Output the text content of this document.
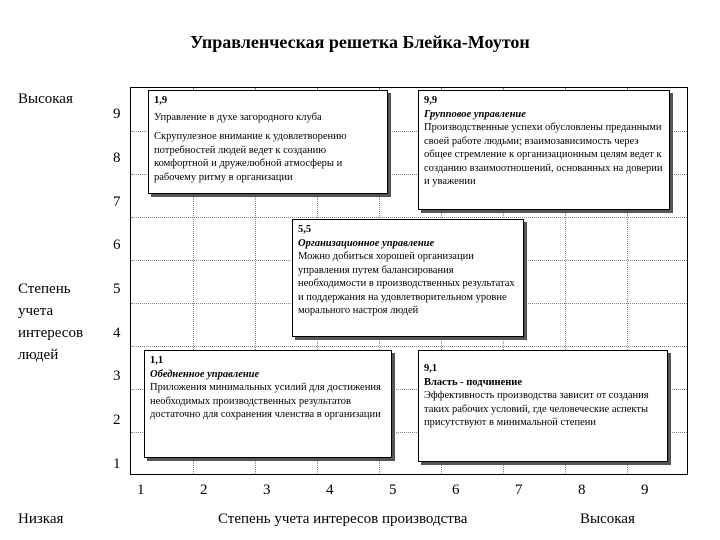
Управленческая решетка Блейка-Моутон
Высокая
Степень
учета
интересов
людей
Низкая
9
8
7
6
5
4
3
2
1
1	2	3	4	5	6	7	8	9
Степень учета интересов производства	Высокая
1,9
Управление в духе загородного клуба
Скрупулезное внимание к удовлетворению потребностей людей ведет к созданию комфортной и дружелюбной атмосферы и рабочему ритму в организации
9,9
Групповое управление
Производственные успехи обусловлены преданными своей работе людьми; взаимозависимость через общее стремление к организационным целям ведет к созданию взаимоотношений, основанных на доверии и уважении
5,5
Организационное управление
Можно добиться хорошей организации управления путем балансирования необходимости в производственных результатах и поддержания на удовлетворительном уровне морального настроя людей
1,1
Обедненное управление
Приложения минимальных усилий для достижения необходимых производственных результатов достаточно для сохранения членства в организации
9,1
Власть - подчинение
Эффективность производства зависит от создания таких рабочих условий, где человеческие аспекты присутствуют в минимальной степени
